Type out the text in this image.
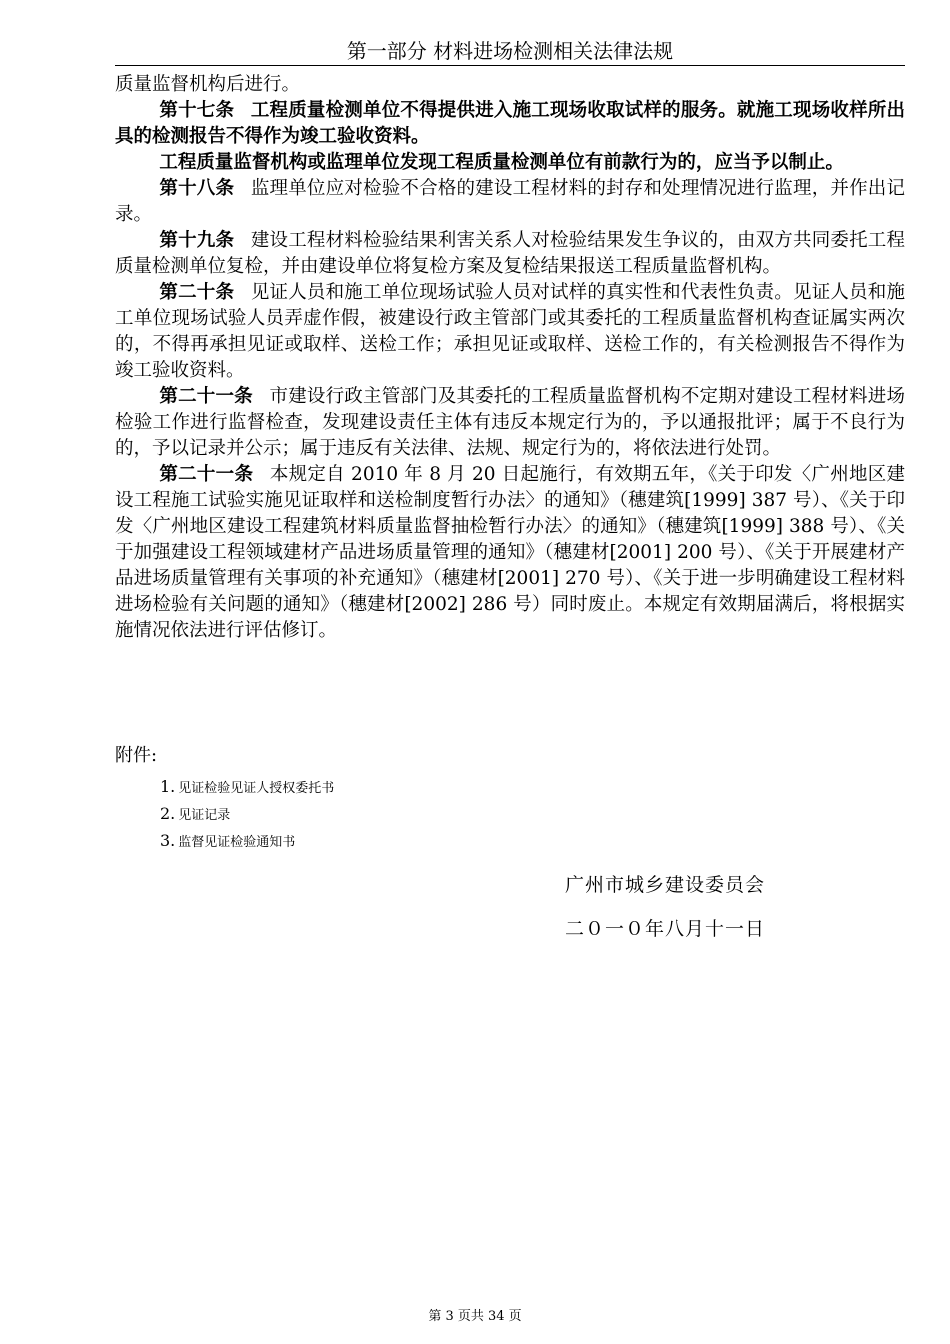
第一部分 材料进场检测相关法律法规

质量监督机构后进行。

第十七条 工程质量检测单位不得提供进入施工现场收取试样的服务。就施工现场收样所出具的检测报告不得作为竣工验收资料。

工程质量监督机构或监理单位发现工程质量检测单位有前款行为的，应当予以制止。

第十八条 监理单位应对检验不合格的建设工程材料的封存和处理情况进行监理，并作出记录。

第十九条 建设工程材料检验结果利害关系人对检验结果发生争议的，由双方共同委托工程质量检测单位复检，并由建设单位将复检方案及复检结果报送工程质量监督机构。

第二十条 见证人员和施工单位现场试验人员对试样的真实性和代表性负责。见证人员和施工单位现场试验人员弄虚作假，被建设行政主管部门或其委托的工程质量监督机构查证属实两次的，不得再承担见证或取样、送检工作；承担见证或取样、送检工作的，有关检测报告不得作为竣工验收资料。

第二十一条 市建设行政主管部门及其委托的工程质量监督机构不定期对建设工程材料进场检验工作进行监督检查，发现建设责任主体有违反本规定行为的，予以通报批评；属于不良行为的，予以记录并公示；属于违反有关法律、法规、规定行为的，将依法进行处罚。

第二十一条 本规定自 2010 年 8 月 20 日起施行，有效期五年，《关于印发〈广州地区建设工程施工试验实施见证取样和送检制度暂行办法〉的通知》（穗建筑[1999] 387 号）、《关于印发〈广州地区建设工程建筑材料质量监督抽检暂行办法〉的通知》（穗建筑[1999] 388 号）、《关于加强建设工程领域建材产品进场质量管理的通知》（穗建材[2001] 200 号）、《关于开展建材产品进场质量管理有关事项的补充通知》（穗建材[2001] 270 号）、《关于进一步明确建设工程材料进场检验有关问题的通知》（穗建材[2002] 286 号）同时废止。本规定有效期届满后，将根据实施情况依法进行评估修订。

附件:
1. 见证检验见证人授权委托书
2. 见证记录
3. 监督见证检验通知书
广州市城乡建设委员会
二０一０年八月十一日
第 3 页共 34 页
